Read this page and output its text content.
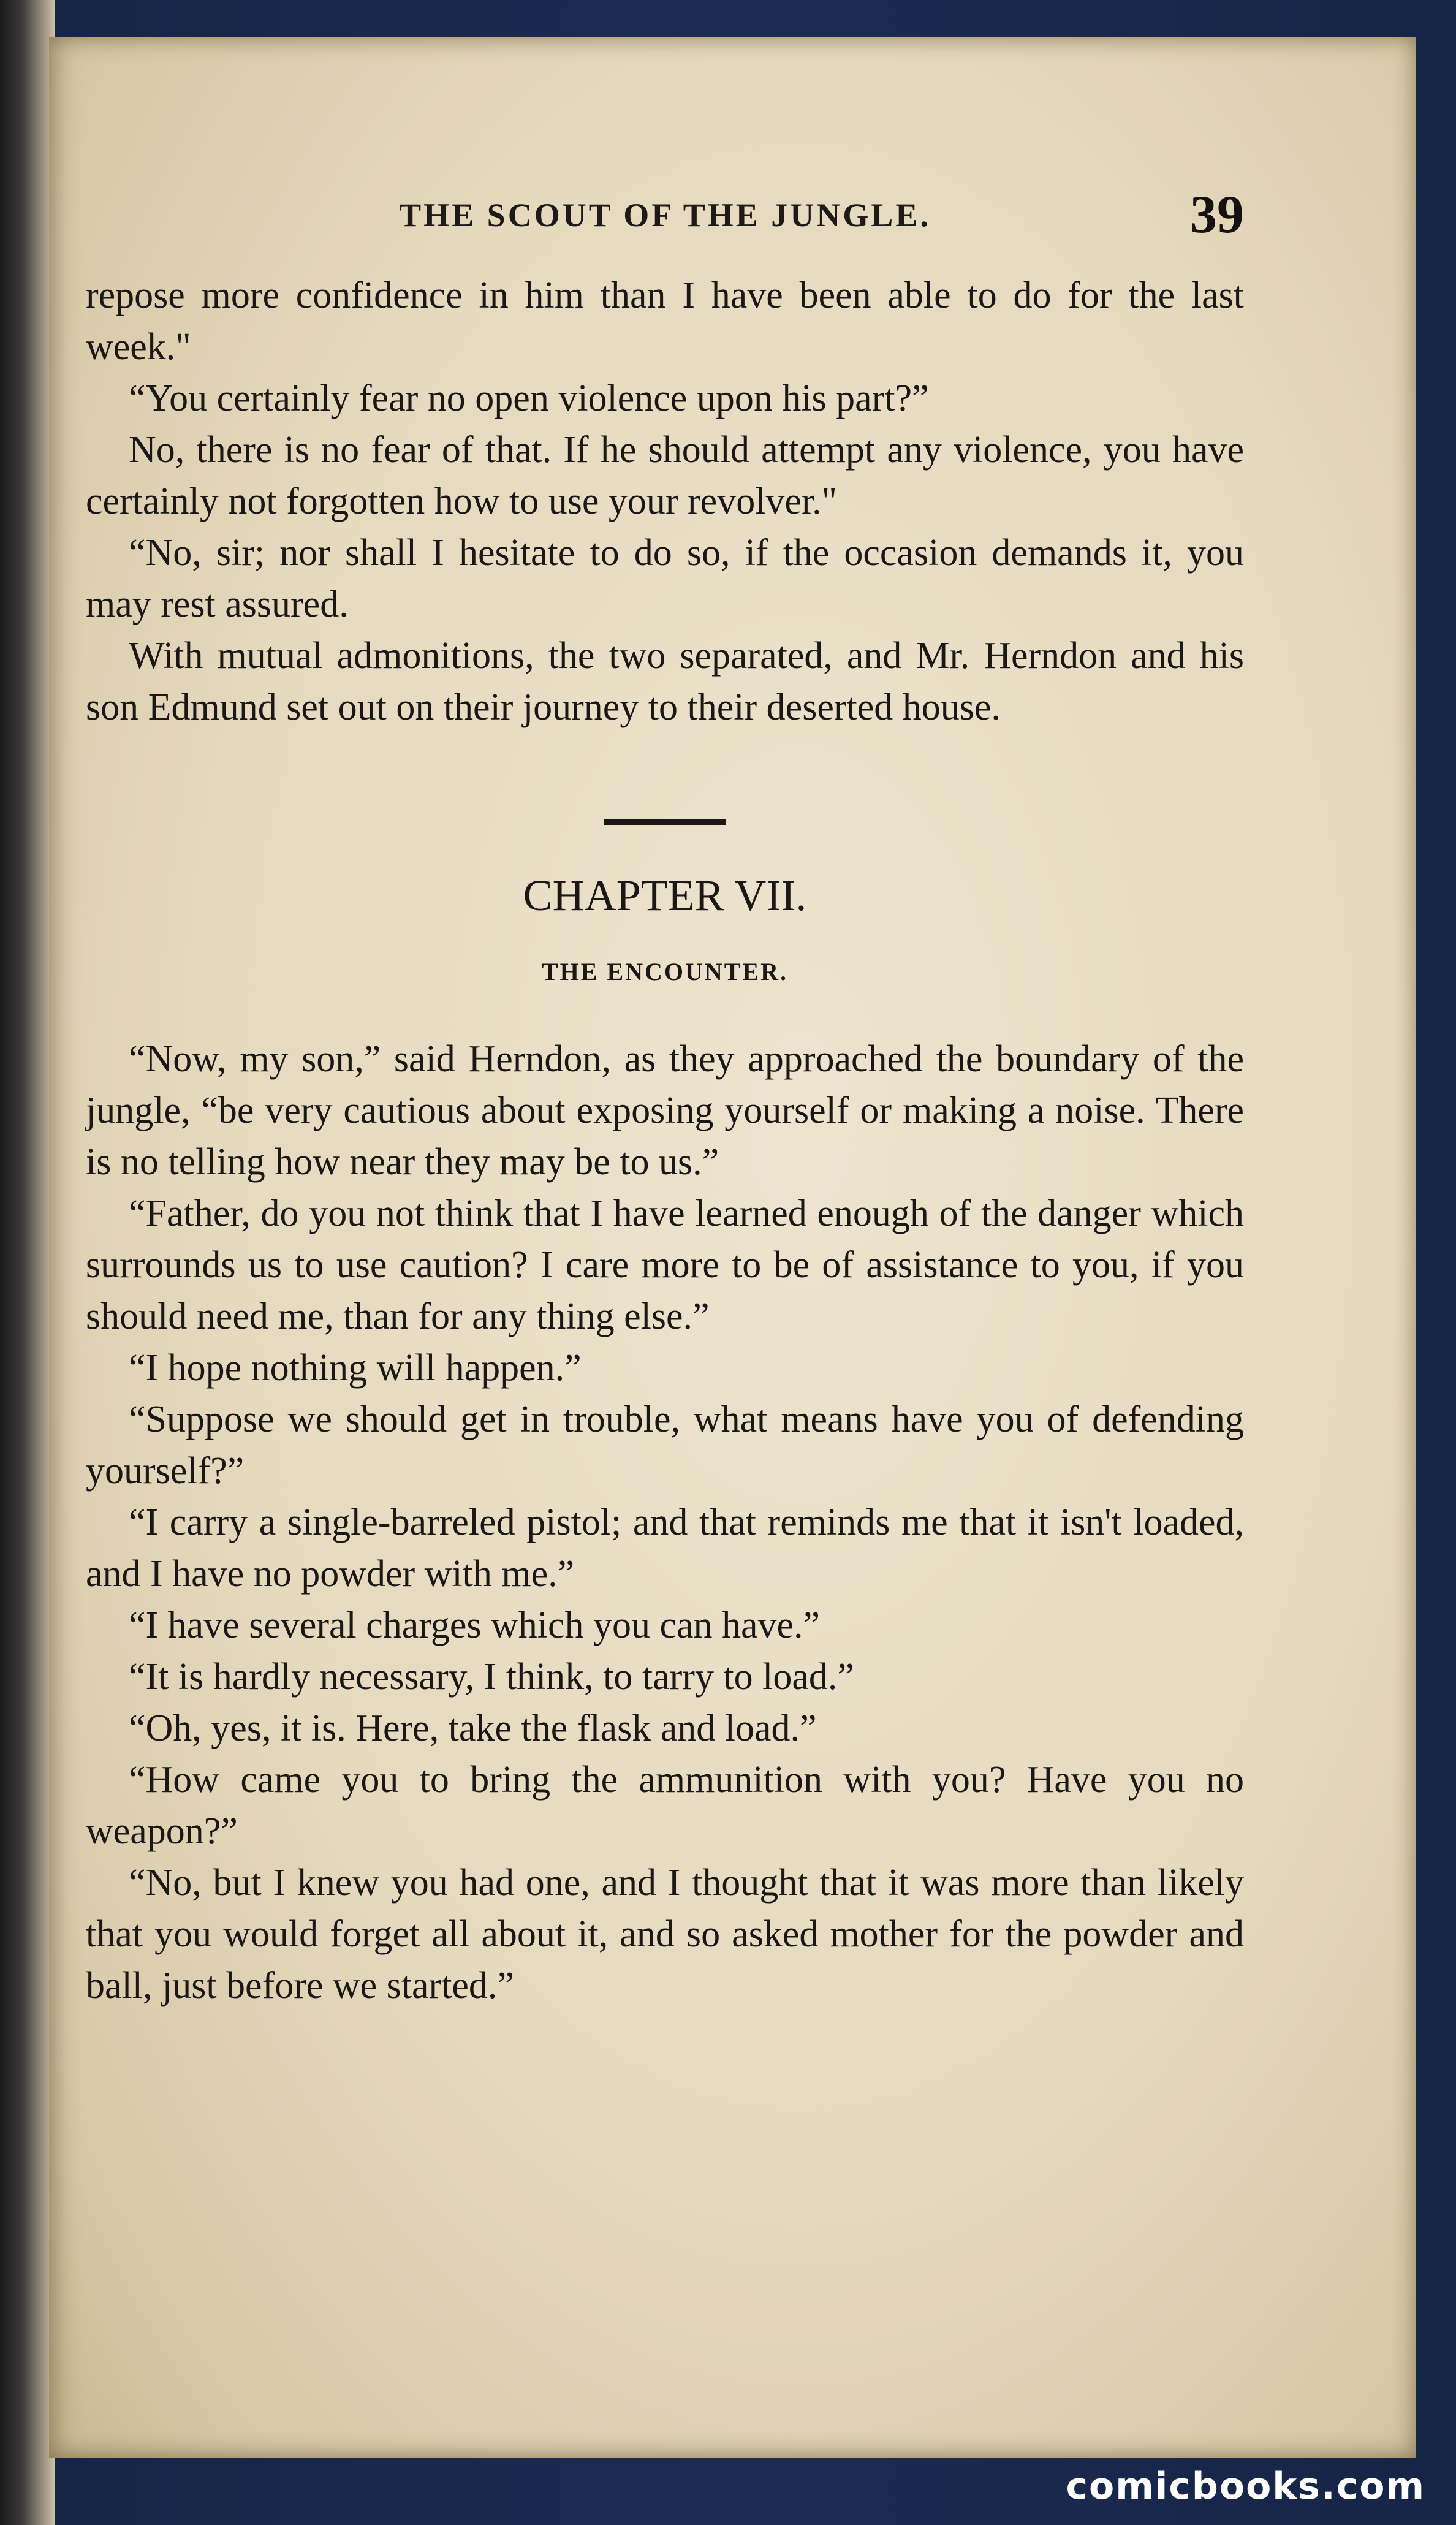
THE SCOUT OF THE JUNGLE.	39

repose more confidence in him than I have been able to do for the last week."

“You certainly fear no open violence upon his part?”

No, there is no fear of that. If he should attempt any violence, you have certainly not forgotten how to use your revolver."

“No, sir; nor shall I hesitate to do so, if the occasion demands it, you may rest assured.

With mutual admonitions, the two separated, and Mr. Herndon and his son Edmund set out on their journey to their deserted house.

CHAPTER VII.

THE ENCOUNTER.

“Now, my son,” said Herndon, as they approached the boundary of the jungle, “be very cautious about exposing yourself or making a noise. There is no telling how near they may be to us.”

“Father, do you not think that I have learned enough of the danger which surrounds us to use caution? I care more to be of assistance to you, if you should need me, than for any thing else.”

“I hope nothing will happen.”

“Suppose we should get in trouble, what means have you of defending yourself?”

“I carry a single-barreled pistol; and that reminds me that it isn't loaded, and I have no powder with me.”

“I have several charges which you can have.”

“It is hardly necessary, I think, to tarry to load.”

“Oh, yes, it is. Here, take the flask and load.”

“How came you to bring the ammunition with you? Have you no weapon?”

“No, but I knew you had one, and I thought that it was more than likely that you would forget all about it, and so asked mother for the powder and ball, just before we started.”

comicbooks.com
